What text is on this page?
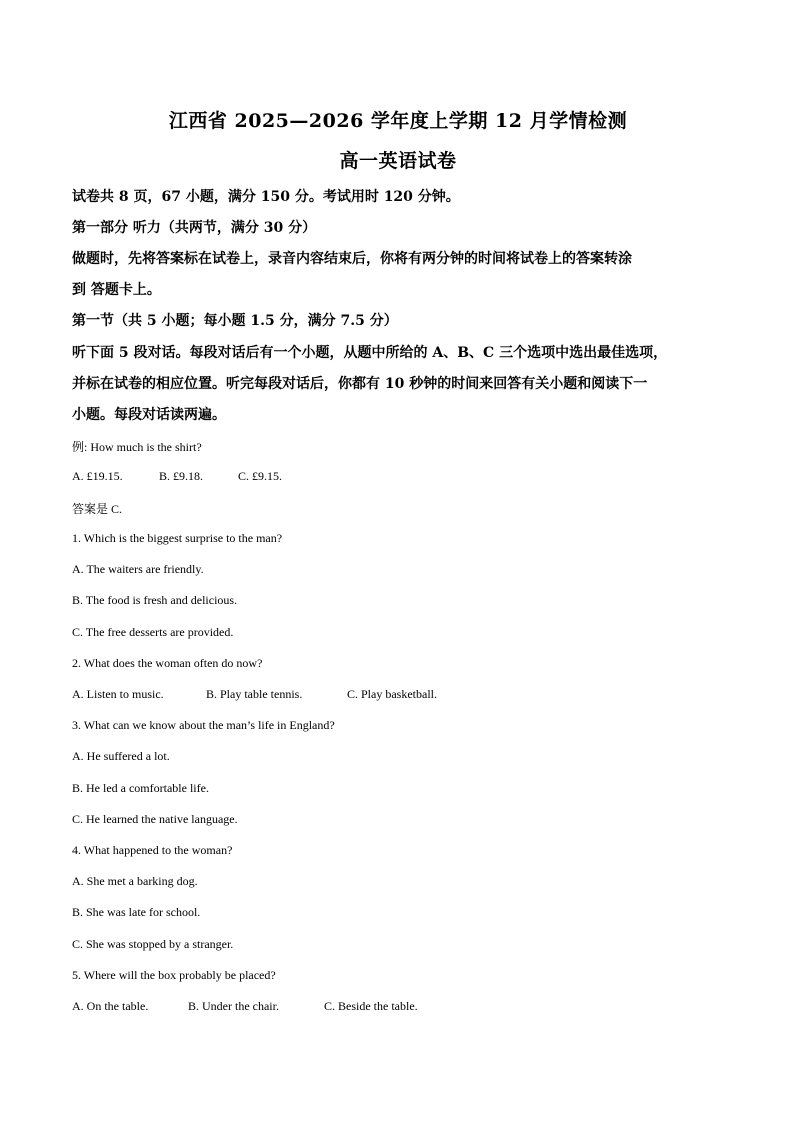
江西省 2025—2026 学年度上学期 12 月学情检测
高一英语试卷
试卷共 8 页，67 小题，满分 150 分。考试用时 120 分钟。
第一部分 听力（共两节，满分 30 分）
做题时，先将答案标在试卷上，录音内容结束后，你将有两分钟的时间将试卷上的答案转涂
到 答题卡上。
第一节（共 5 小题；每小题 1.5 分，满分 7.5 分）
听下面 5 段对话。每段对话后有一个小题，从题中所给的 A、B、C 三个选项中选出最佳选项，
并标在试卷的相应位置。听完每段对话后，你都有 10 秒钟的时间来回答有关小题和阅读下一
小题。每段对话读两遍。
例: How much is the shirt?
A. £19.15.	B. £9.18.	C. £9.15.
答案是 C.
1. Which is the biggest surprise to the man?
A. The waiters are friendly.
B. The food is fresh and delicious.
C. The free desserts are provided.
2. What does the woman often do now?
A. Listen to music.	B. Play table tennis.	C. Play basketball.
3. What can we know about the man’s life in England?
A. He suffered a lot.
B. He led a comfortable life.
C. He learned the native language.
4. What happened to the woman?
A. She met a barking dog.
B. She was late for school.
C. She was stopped by a stranger.
5. Where will the box probably be placed?
A. On the table.	B. Under the chair.	C. Beside the table.
